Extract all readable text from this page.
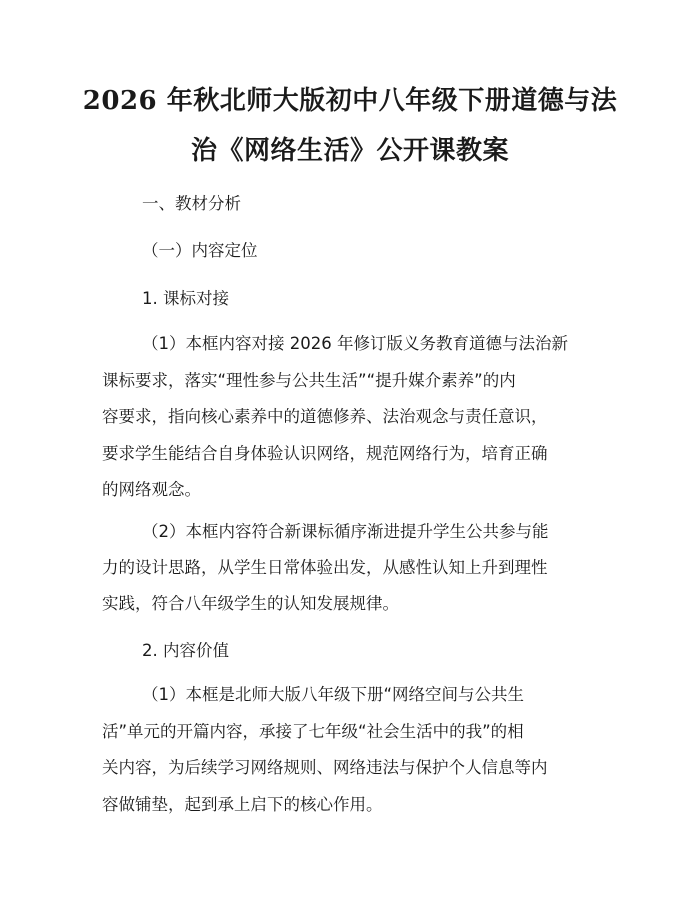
2026 年秋北师大版初中八年级下册道德与法
治《网络生活》公开课教案
一、教材分析
（一）内容定位
1. 课标对接
（1）本框内容对接 2026 年修订版义务教育道德与法治新
课标要求，落实“理性参与公共生活”“提升媒介素养”的内
容要求，指向核心素养中的道德修养、法治观念与责任意识，
要求学生能结合自身体验认识网络，规范网络行为，培育正确
的网络观念。
（2）本框内容符合新课标循序渐进提升学生公共参与能
力的设计思路，从学生日常体验出发，从感性认知上升到理性
实践，符合八年级学生的认知发展规律。
2. 内容价值
（1）本框是北师大版八年级下册“网络空间与公共生
活”单元的开篇内容，承接了七年级“社会生活中的我”的相
关内容，为后续学习网络规则、网络违法与保护个人信息等内
容做铺垫，起到承上启下的核心作用。
